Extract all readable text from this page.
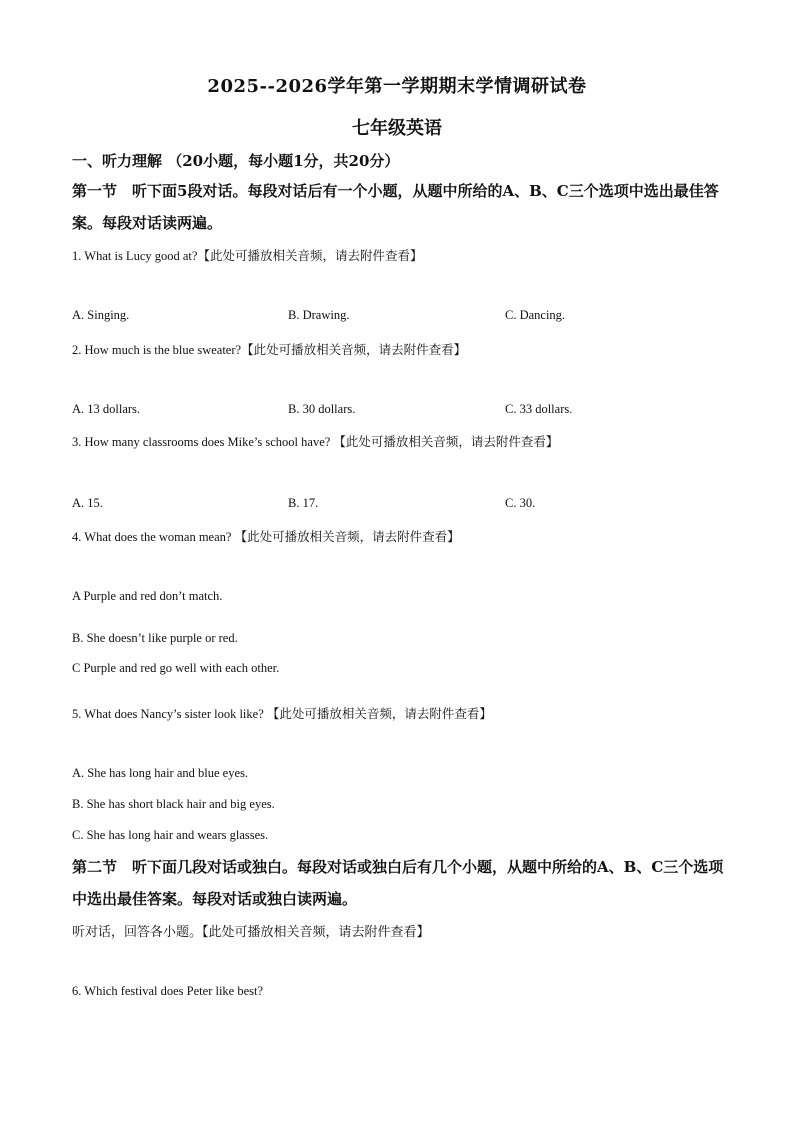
2025--2026学年第一学期期末学情调研试卷
七年级英语
一、听力理解 （20小题，每小题1分，共20分）
第一节　听下面5段对话。每段对话后有一个小题，从题中所给的A、B、C三个选项中选出最佳答案。每段对话读两遍。
1. What is Lucy good at?【此处可播放相关音频，请去附件查看】
A. Singing.	B. Drawing.	C. Dancing.
2. How much is the blue sweater?【此处可播放相关音频，请去附件查看】
A. 13 dollars.	B. 30 dollars.	C. 33 dollars.
3. How many classrooms does Mike’s school have? 【此处可播放相关音频，请去附件查看】
A. 15.	B. 17.	C. 30.
4. What does the woman mean? 【此处可播放相关音频，请去附件查看】
A Purple and red don’t match.
B. She doesn’t like purple or red.
C Purple and red go well with each other.
5. What does Nancy’s sister look like? 【此处可播放相关音频，请去附件查看】
A. She has long hair and blue eyes.
B. She has short black hair and big eyes.
C. She has long hair and wears glasses.
第二节　听下面几段对话或独白。每段对话或独白后有几个小题，从题中所给的A、B、C三个选项中选出最佳答案。每段对话或独白读两遍。
听对话，回答各小题。【此处可播放相关音频，请去附件查看】
6. Which festival does Peter like best?
